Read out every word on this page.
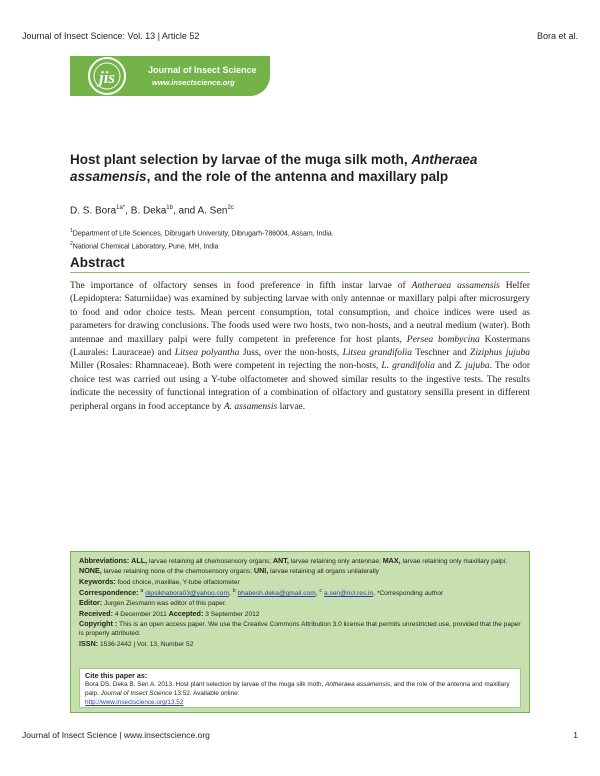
Journal of Insect Science: Vol. 13 | Article 52	Bora et al.
jis	Journal of Insect Science
www.insectscience.org
Host plant selection by larvae of the muga silk moth, Antheraea assamensis, and the role of the antenna and maxillary palp
D. S. Bora$^{1a*}$, B. Deka$^{1b}$, and A. Sen$^{2c}$
$^1$Department of Life Sciences, Dibrugarh University, Dibrugarh-786004, Assam, India.
$^2$National Chemical Laboratory, Pune, MH, India
Abstract
The importance of olfactory senses in food preference in fifth instar larvae of Antheraea assamensis Helfer (Lepidoptera: Saturniidae) was examined by subjecting larvae with only antennae or maxillary palpi after microsurgery to food and odor choice tests. Mean percent consumption, total consumption, and choice indices were used as parameters for drawing conclusions. The foods used were two hosts, two non-hosts, and a neutral medium (water). Both antennae and maxillary palpi were fully competent in preference for host plants, Persea bombycina Kostermans (Laurales: Lauraceae) and Litsea polyantha Juss, over the non-hosts, Litsea grandifolia Teschner and Ziziphus jujuba Miller (Rosales: Rhamnaceae). Both were competent in rejecting the non-hosts, L. grandifolia and Z. jujuba. The odor choice test was carried out using a Y-tube olfactometer and showed similar results to the ingestive tests. The results indicate the necessity of functional integration of a combination of olfactory and gustatory sensilla present in different peripheral organs in food acceptance by A. assamensis larvae.
Abbreviations: ALL, larvae retaining all chemosensory organs; ANT, larvae retaining only antennae; MAX, larvae retaining only maxillary palpi; NONE, larvae retaining none of the chemosensory organs; UNI, larvae retaining all organs unilaterally
Keywords: food choice, maxillae, Y-tube olfactometer
Correspondence: $^a$ dipsikhabora03@yahoo.com, $^b$ bhabesh.deka@gmail.com, $^c$ a.sen@ncl.res.in, *Corresponding author
Editor: Jurgen Ziesmann was editor of this paper.
Received: 4 December 2011 Accepted: 3 September 2012
Copyright : This is an open access paper. We use the Creative Commons Attribution 3.0 license that permits unrestricted use, provided that the paper is properly attributed.
ISSN: 1536-2442 | Vol. 13, Number 52
Cite this paper as:
Bora DS, Deka B, Sen A. 2013. Host plant selection by larvae of the muga silk moth, Antheraea assamensis, and the role of the antenna and maxillary palp. Journal of Insect Science 13:52. Available online:
http://www.insectscience.org/13.52
Journal of Insect Science | www.insectscience.org	1
